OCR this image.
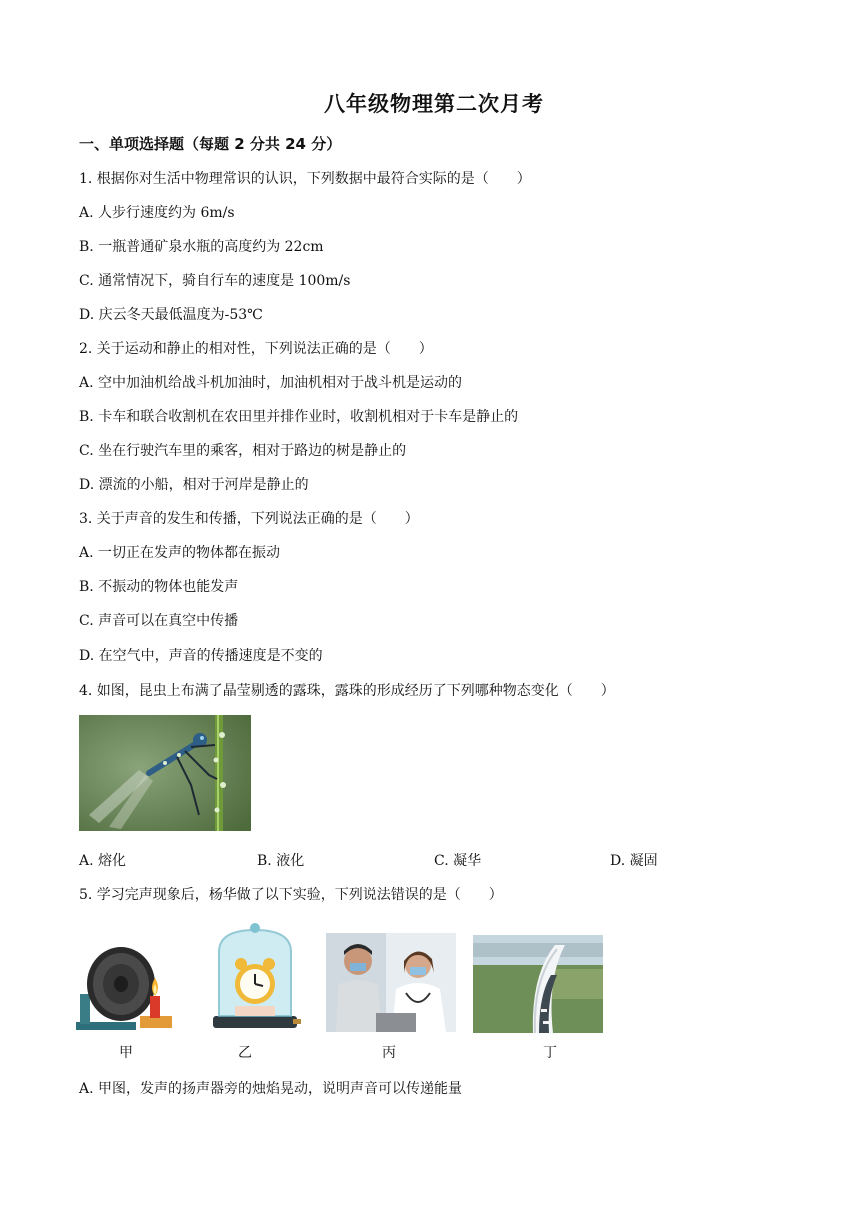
八年级物理第二次月考
一、单项选择题（每题 2 分共 24 分）
1. 根据你对生活中物理常识的认识，下列数据中最符合实际的是（　　）
A. 人步行速度约为 6m/s
B. 一瓶普通矿泉水瓶的高度约为 22cm
C. 通常情况下，骑自行车的速度是 100m/s
D. 庆云冬天最低温度为-53℃
2. 关于运动和静止的相对性，下列说法正确的是（　　）
A. 空中加油机给战斗机加油时，加油机相对于战斗机是运动的
B. 卡车和联合收割机在农田里并排作业时，收割机相对于卡车是静止的
C. 坐在行驶汽车里的乘客，相对于路边的树是静止的
D. 漂流的小船，相对于河岸是静止的
3. 关于声音的发生和传播，下列说法正确的是（　　）
A. 一切正在发声的物体都在振动
B. 不振动的物体也能发声
C. 声音可以在真空中传播
D. 在空气中，声音的传播速度是不变的
4. 如图，昆虫上布满了晶莹剔透的露珠，露珠的形成经历了下列哪种物态变化（　　）
A. 熔化	B. 液化	C. 凝华	D. 凝固
5. 学习完声现象后，杨华做了以下实验，下列说法错误的是（　　）
甲	乙	丙	丁
A. 甲图，发声的扬声器旁的烛焰晃动，说明声音可以传递能量
